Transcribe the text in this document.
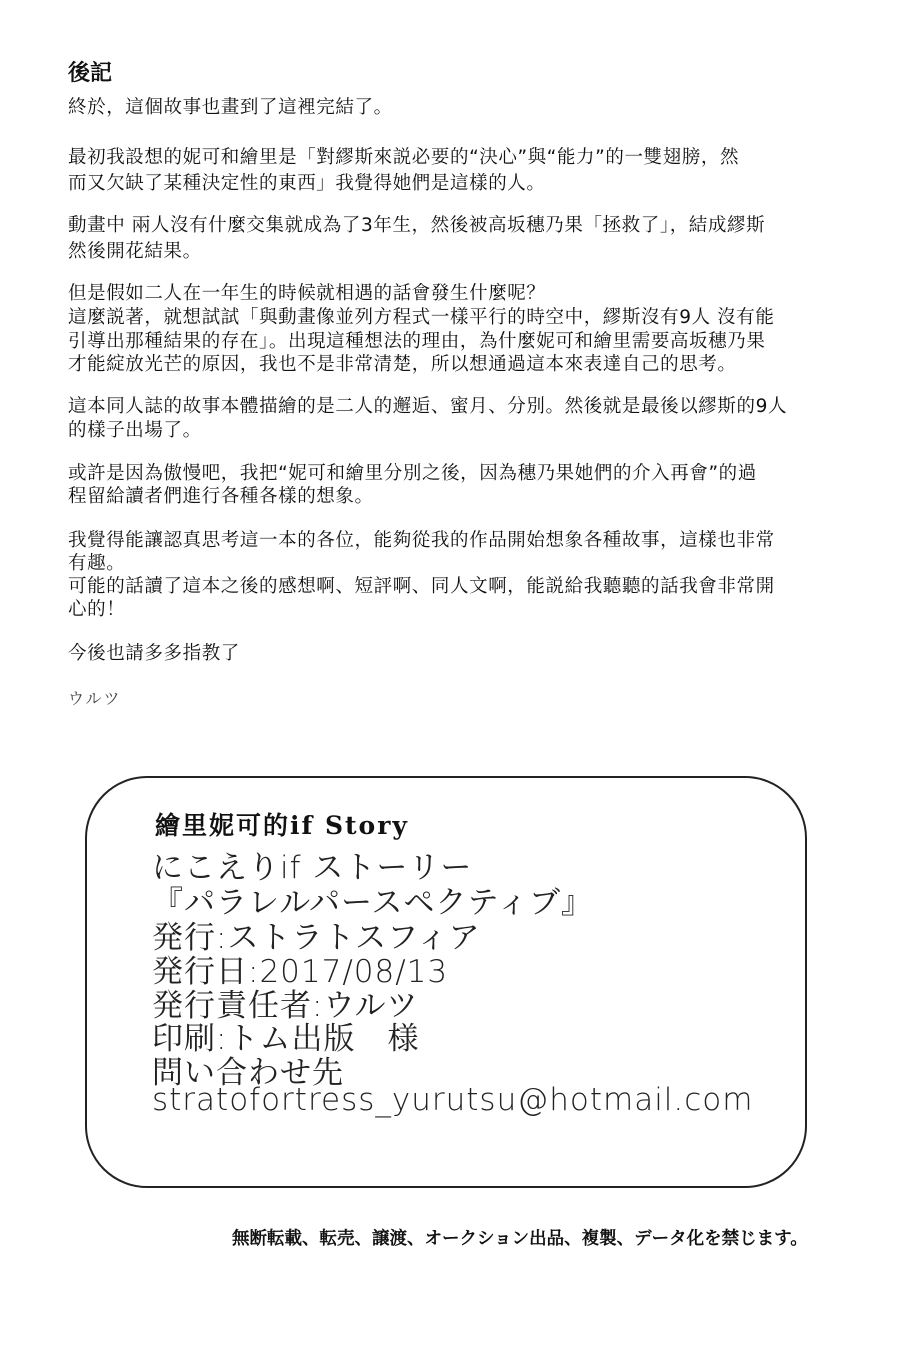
後記
終於，這個故事也畫到了這裡完結了。
最初我設想的妮可和繪里是「對繆斯來説必要的“決心”與“能力”的一雙翅膀，然
而又欠缺了某種決定性的東西」我覺得她們是這樣的人。
動畫中 兩人沒有什麼交集就成為了3年生，然後被高坂穗乃果「拯救了」，結成繆斯
然後開花結果。
但是假如二人在一年生的時候就相遇的話會發生什麼呢？
這麼説著，就想試試「與動畫像並列方程式一樣平行的時空中，繆斯沒有9人 沒有能
引導出那種結果的存在」。出現這種想法的理由，為什麼妮可和繪里需要高坂穗乃果
才能綻放光芒的原因，我也不是非常清楚，所以想通過這本來表達自己的思考。
這本同人誌的故事本體描繪的是二人的邂逅、蜜月、分別。然後就是最後以繆斯的9人
的樣子出場了。
或許是因為傲慢吧，我把“妮可和繪里分別之後，因為穗乃果她們的介入再會”的過
程留給讀者們進行各種各樣的想象。
我覺得能讓認真思考這一本的各位，能夠從我的作品開始想象各種故事，這樣也非常
有趣。
可能的話讀了這本之後的感想啊、短評啊、同人文啊，能説給我聽聽的話我會非常開
心的！
今後也請多多指教了
ウルツ
繪里妮可的if Story
にこえりif ストーリー
『パラレルパースペクティブ』
発行:ストラトスフィア
発行日:2017/08/13
発行責任者:ウルツ
印刷:トム出版　様
問い合わせ先
stratofortress_yurutsu@hotmail.com
無断転載、転売、譲渡、オークション出品、複製、データ化を禁じます。
